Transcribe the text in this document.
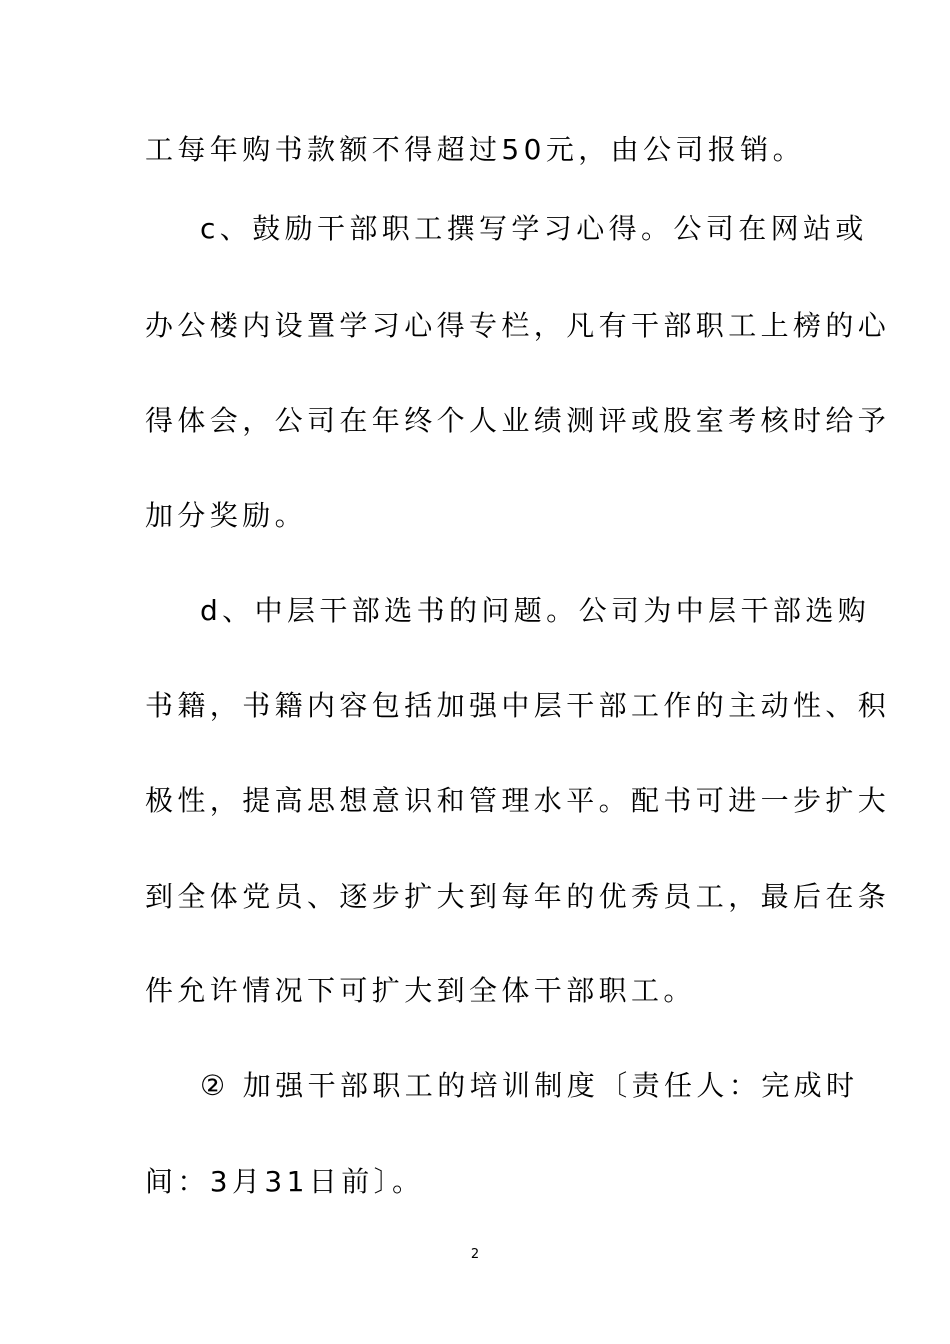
工每年购书款额不得超过50元，由公司报销。
c、鼓励干部职工撰写学习心得。公司在网站或
办公楼内设置学习心得专栏，凡有干部职工上榜的心
得体会，公司在年终个人业绩测评或股室考核时给予
加分奖励。
d、中层干部选书的问题。公司为中层干部选购
书籍，书籍内容包括加强中层干部工作的主动性、积
极性，提高思想意识和管理水平。配书可进一步扩大
到全体党员、逐步扩大到每年的优秀员工，最后在条
件允许情况下可扩大到全体干部职工。
② 加强干部职工的培训制度〔责任人：完成时
间：3月31日前〕。
2
